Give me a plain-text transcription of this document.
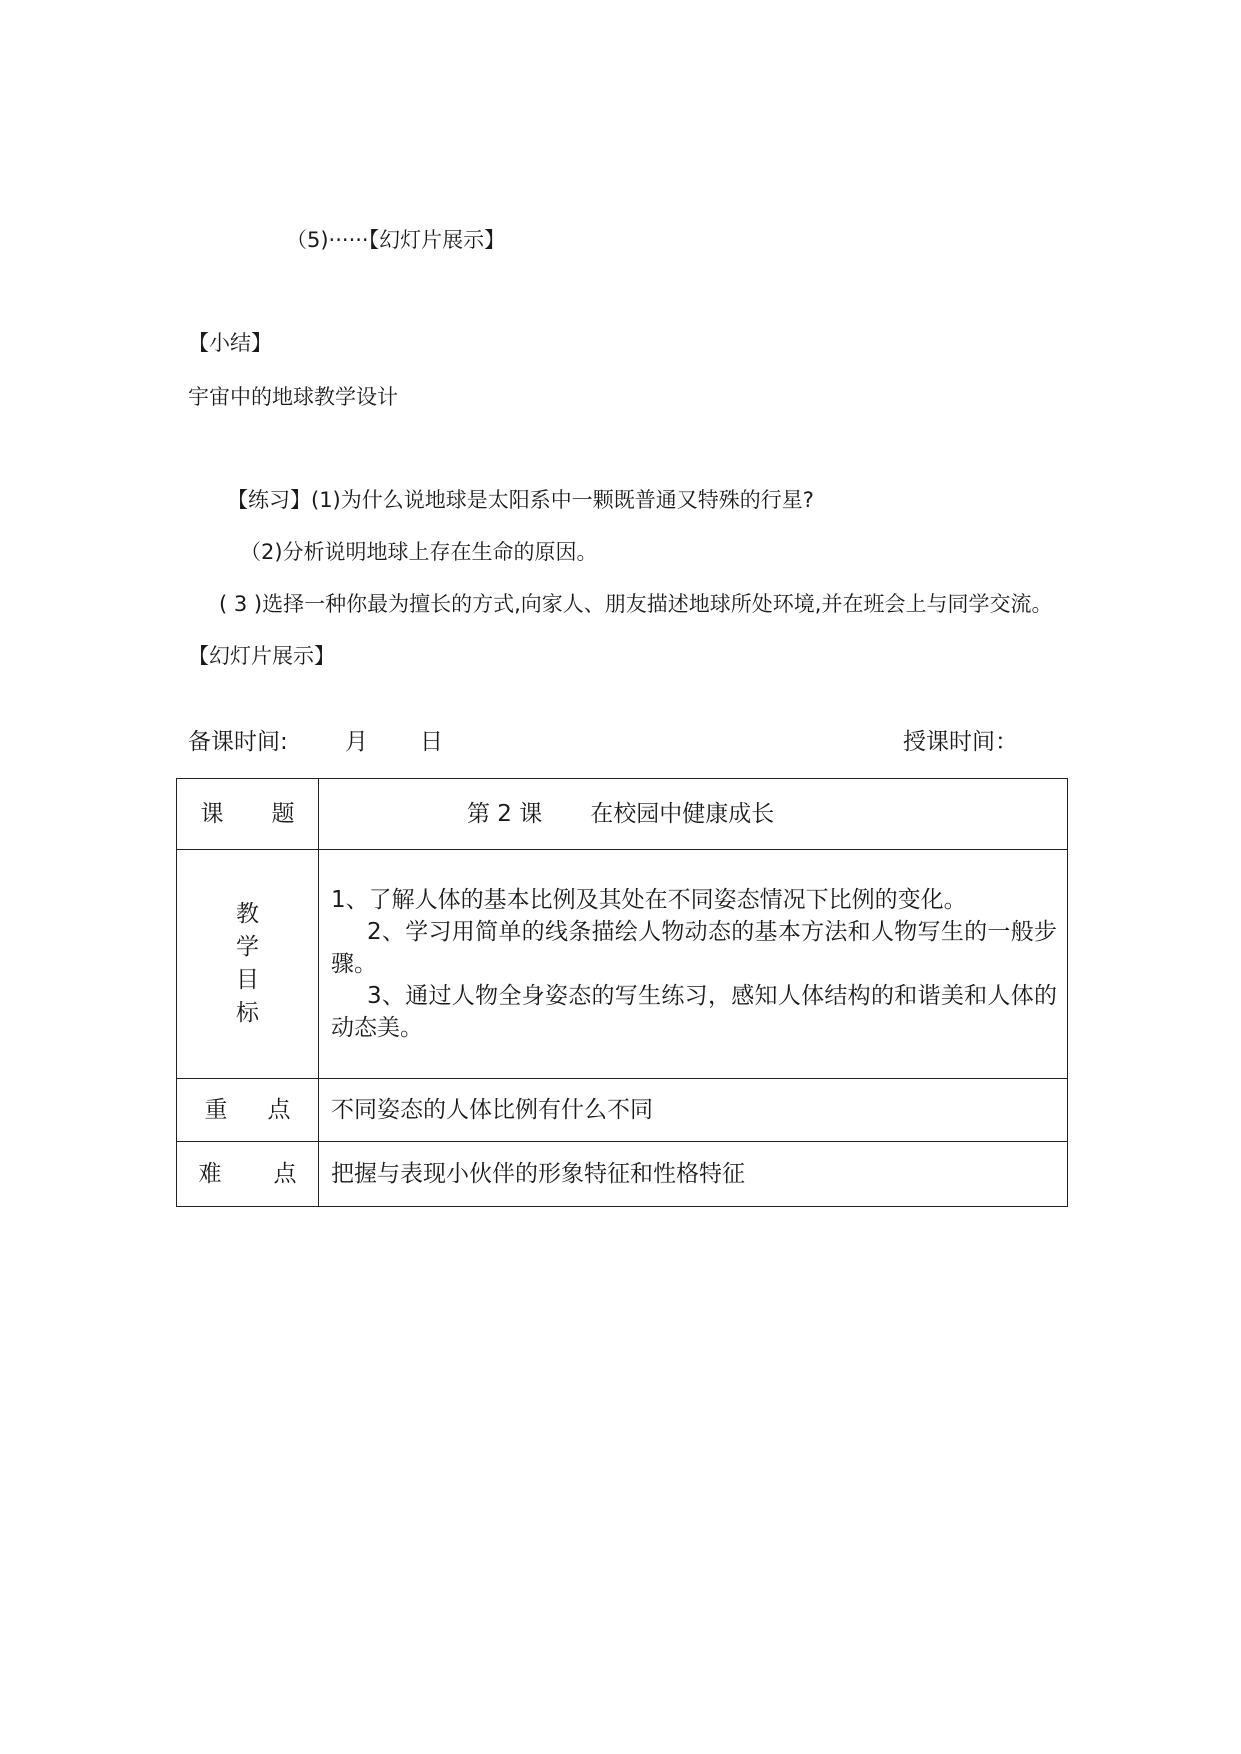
（5)······【幻灯片展示】
【小结】
宇宙中的地球教学设计
【练习】(1)为什么说地球是太阳系中一颗既普通又特殊的行星?
（2)分析说明地球上存在生命的原因。
( 3 )选择一种你最为擅长的方式,向家人、朋友描述地球所处环境,并在班会上与同学交流。
【幻灯片展示】
备课时间: 月 日	授课时间：
课 题	第 2 课 在校园中健康成长

教
学
目
标	1、了解人体的基本比例及其处在不同姿态情况下比例的变化。
2、学习用简单的线条描绘人物动态的基本方法和人物写生的一般步骤。
3、通过人物全身姿态的写生练习，感知人体结构的和谐美和人体的动态美。

重 点	不同姿态的人体比例有什么不同
难 点	把握与表现小伙伴的形象特征和性格特征
